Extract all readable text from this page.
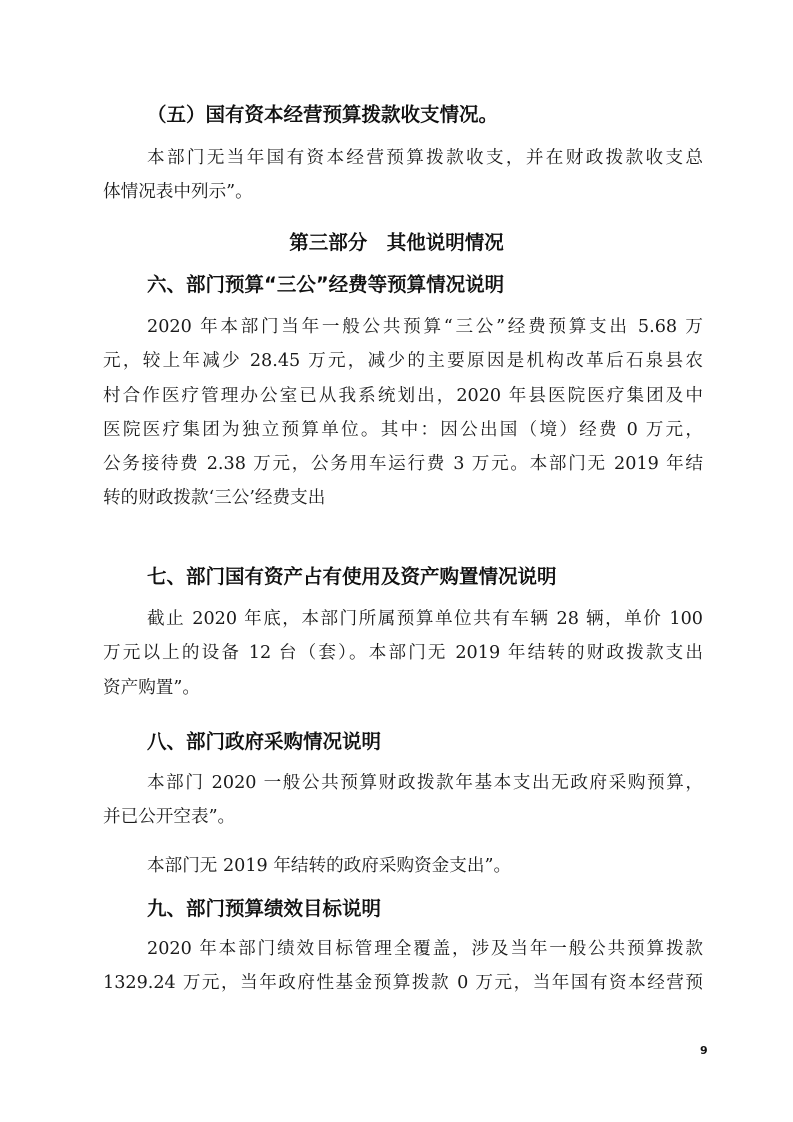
（五）国有资本经营预算拨款收支情况。

本部门无当年国有资本经营预算拨款收支，并在财政拨款收支总
体情况表中列示”。

第三部分　其他说明情况
六、部门预算“三公”经费等预算情况说明

2020 年本部门当年一般公共预算“三公”经费预算支出 5.68 万
元，较上年减少 28.45 万元，减少的主要原因是机构改革后石泉县农
村合作医疗管理办公室已从我系统划出，2020 年县医院医疗集团及中
医院医疗集团为独立预算单位。其中：因公出国（境）经费 0 万元，
公务接待费 2.38 万元，公务用车运行费 3 万元。本部门无 2019 年结
转的财政拨款‘三公’经费支出

七、部门国有资产占有使用及资产购置情况说明

截止 2020 年底，本部门所属预算单位共有车辆 28 辆，单价 100
万元以上的设备 12 台（套）。本部门无 2019 年结转的财政拨款支出
资产购置”。

八、部门政府采购情况说明

本部门 2020 一般公共预算财政拨款年基本支出无政府采购预算，
并已公开空表”。

本部门无 2019 年结转的政府采购资金支出”。

九、部门预算绩效目标说明

2020 年本部门绩效目标管理全覆盖，涉及当年一般公共预算拨款
1329.24 万元，当年政府性基金预算拨款 0 万元，当年国有资本经营预

9
